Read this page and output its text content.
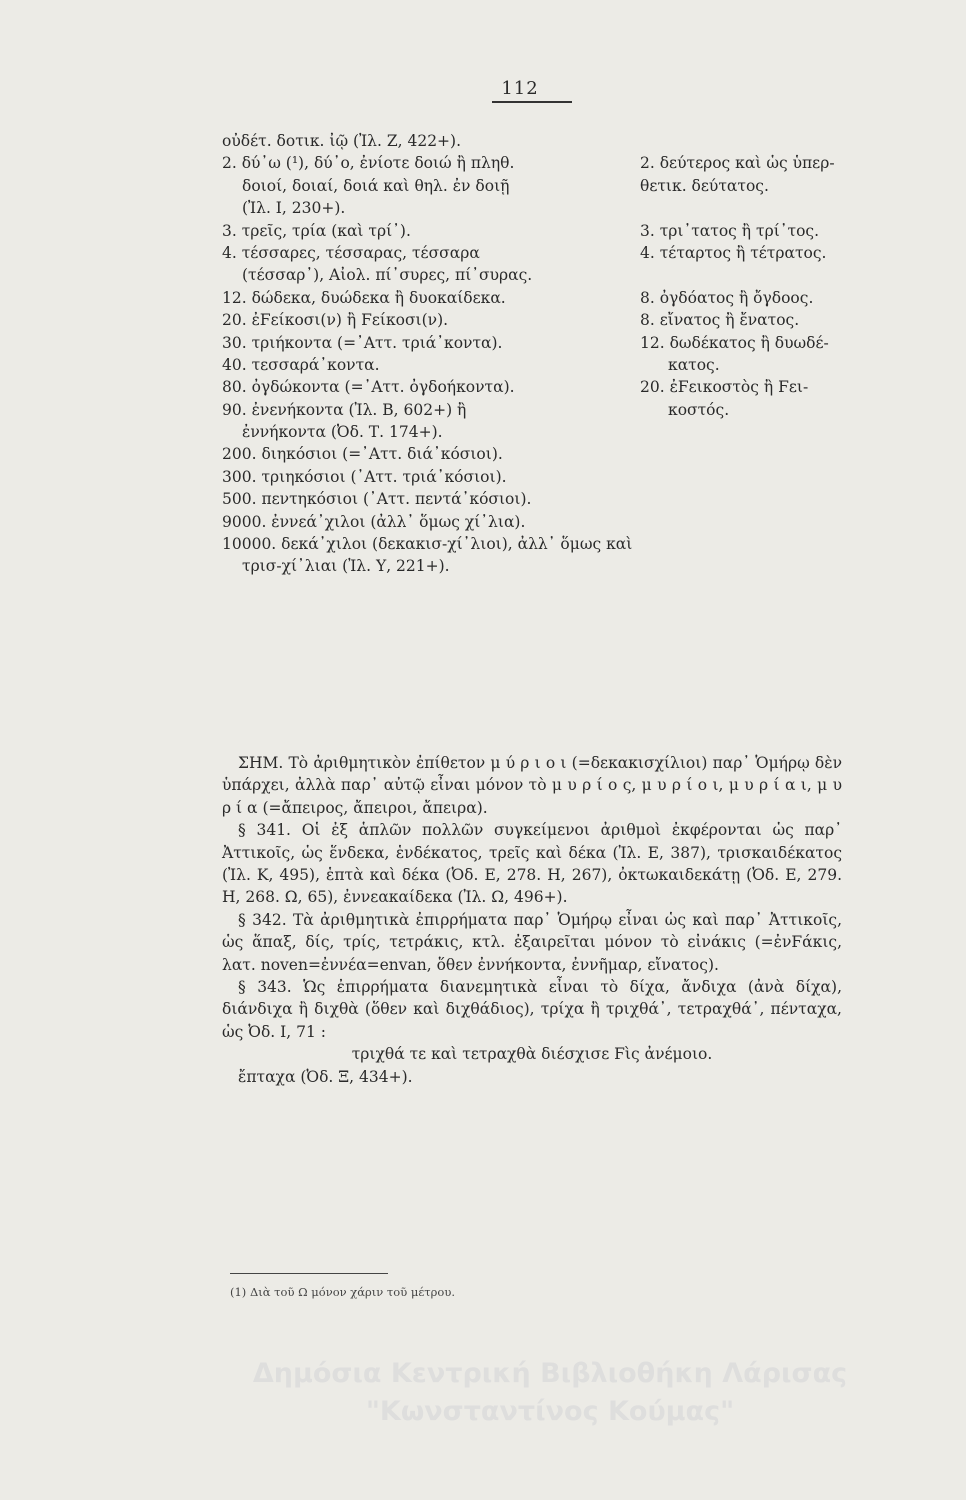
112
οὐδέτ. δοτικ. ἰῷ (Ἰλ. Ζ, 422+).
2. δύ᾽ω (¹), δύ᾽ο, ἐνίοτε δοιώ ἢ πληθ.	2. δεύτερος καὶ ὡς ὑπερ-
δοιοί, δοιαί, δοιά καὶ θηλ. ἐν δοιῇ	θετικ. δεύτατος.
(Ἰλ. Ι, 230+).
3. τρεῖς, τρία (καὶ τρί᾽).	3. τρι᾽τατος ἢ τρί᾽τος.
4. τέσσαρες, τέσσαρας, τέσσαρα	4. τέταρτος ἢ τέτρατος.
(τέσσαρ᾽), Αἰολ. πί᾽συρες, πί᾽συρας.
12. δώδεκα, δυώδεκα ἢ δυοκαίδεκα.	8. ὀγδόατος ἢ ὄγδοος.
20. ἐϜείκοσι(ν) ἢ Ϝείκοσι(ν).	8. εἴνατος ἢ ἔνατος.
30. τριήκοντα (=᾽Αττ. τριά᾽κοντα).	12. δωδέκατος ἢ δυωδέ-
40. τεσσαρά᾽κοντα.	κατος.
80. ὀγδώκοντα (=᾽Αττ. ὀγδοήκοντα).	20. ἐϜεικοστὸς ἢ Ϝει-
90. ἐνενήκοντα (Ἰλ. Β, 602+) ἢ	κοστός.
ἐννήκοντα (Ὀδ. Τ. 174+).
200. διηκόσιοι (=᾽Αττ. διά᾽κόσιοι).
300. τριηκόσιοι (᾽Αττ. τριά᾽κόσιοι).
500. πεντηκόσιοι (᾽Αττ. πεντά᾽κόσιοι).
9000. ἐννεά᾽χιλοι (ἀλλ᾽ ὅμως χί᾽λια).
10000. δεκά᾽χιλοι (δεκακισ-χί᾽λιοι), ἀλλ᾽ ὅμως καὶ
τρισ-χί᾽λιαι (Ἰλ. Υ, 221+).

ΣΗΜ. Τὸ ἀριθμητικὸν ἐπίθετον μ ύ ρ ι ο ι (=δεκακισχίλιοι) παρ᾽ Ὁμήρῳ δὲν ὑπάρχει, ἀλλὰ παρ᾽ αὐτῷ εἶναι μόνον τὸ μ υ ρ ί ο ς, μ υ ρ ί ο ι, μ υ ρ ί α ι, μ υ ρ ί α (=ἄπειρος, ἄπειροι, ἄπειρα).

§ 341. Οἱ ἐξ ἁπλῶν πολλῶν συγκείμενοι ἀριθμοὶ ἐκφέρονται ὡς παρ᾽ Ἀττικοῖς, ὡς ἕνδεκα, ἑνδέκατος, τρεῖς καὶ δέκα (Ἰλ. Ε, 387), τρισκαιδέκατος (Ἰλ. Κ, 495), ἑπτὰ καὶ δέκα (Ὀδ. Ε, 278. Η, 267), ὀκτωκαιδεκάτῃ (Ὀδ. Ε, 279. Η, 268. Ω, 65), ἐννεακαίδεκα (Ἰλ. Ω, 496+).

§ 342. Τὰ ἀριθμητικὰ ἐπιρρήματα παρ᾽ Ὁμήρῳ εἶναι ὡς καὶ παρ᾽ Ἀττικοῖς, ὡς ἅπαξ, δίς, τρίς, τετράκις, κτλ. ἐξαιρεῖται μόνον τὸ εἰνάκις (=ἐνϜάκις, λατ. noven=ἐννέα=envan, ὅθεν ἐννήκοντα, ἐννῆμαρ, εἴνατος).

§ 343. Ὡς ἐπιρρήματα διανεμητικὰ εἶναι τὸ δίχα, ἄνδιχα (ἀνὰ δίχα), διάνδιχα ἢ διχθὰ (ὅθεν καὶ διχθάδιος), τρίχα ἢ τριχθά᾽, τετραχθά᾽, πένταχα, ὡς Ὀδ. Ι, 71 :

τριχθά τε καὶ τετραχθὰ διέσχισε Ϝὶς ἀνέμοιο.

ἔπταχα (Ὀδ. Ξ, 434+).

(1) Διὰ τοῦ Ω μόνον χάριν τοῦ μέτρου.
Δημόσια Κεντρική Βιβλιοθήκη Λάρισας
"Κωνσταντίνος Κούμας"
